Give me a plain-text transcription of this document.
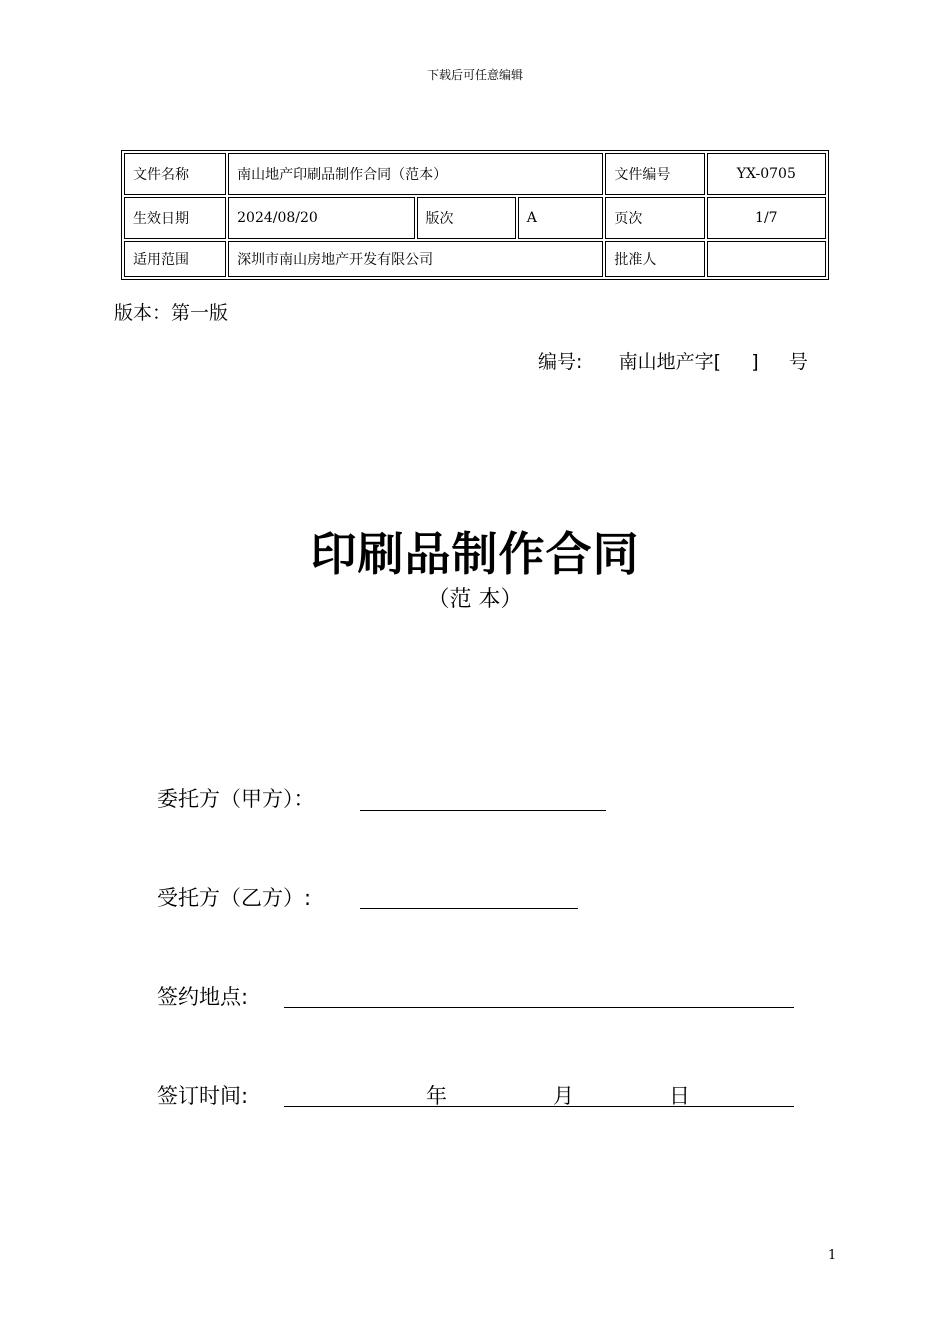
下载后可任意编辑
文件名称	南山地产印刷品制作合同（范本）			文件编号	YX-0705
生效日期	2024/08/20	版次	A	页次	1/7
适用范围	深圳市南山房地产开发有限公司			批准人	
版本：第一版
编号: 南山地产字[ ] 号
印刷品制作合同
（范 本）
委托方（甲方）：
受托方（乙方）:
签约地点:
签订时间:	年	月	日
1
